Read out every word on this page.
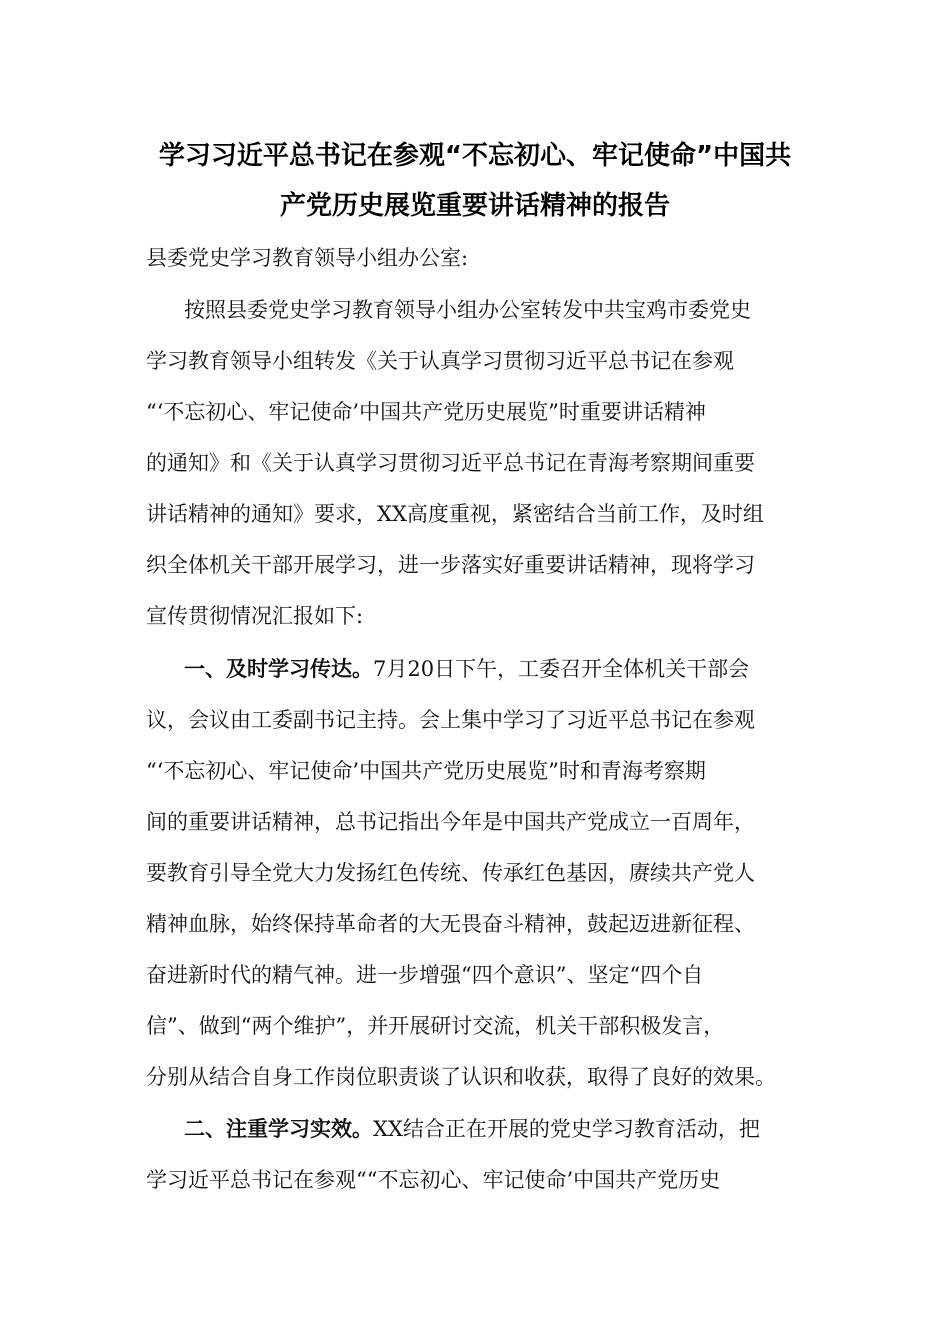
学习习近平总书记在参观“不忘初心、牢记使命”中国共
产党历史展览重要讲话精神的报告
县委党史学习教育领导小组办公室:
按照县委党史学习教育领导小组办公室转发中共宝鸡市委党史
学习教育领导小组转发《关于认真学习贯彻习近平总书记在参观
“‘不忘初心、牢记使命’中国共产党历史展览”时重要讲话精神
的通知》和《关于认真学习贯彻习近平总书记在青海考察期间重要
讲话精神的通知》要求，XX高度重视，紧密结合当前工作，及时组
织全体机关干部开展学习，进一步落实好重要讲话精神，现将学习
宣传贯彻情况汇报如下:
一、及时学习传达。7月20日下午，工委召开全体机关干部会
议，会议由工委副书记主持。会上集中学习了习近平总书记在参观
“‘不忘初心、牢记使命’中国共产党历史展览”时和青海考察期
间的重要讲话精神，总书记指出今年是中国共产党成立一百周年，
要教育引导全党大力发扬红色传统、传承红色基因，赓续共产党人
精神血脉，始终保持革命者的大无畏奋斗精神，鼓起迈进新征程、
奋进新时代的精气神。进一步增强“四个意识”、坚定“四个自
信”、做到“两个维护”，并开展研讨交流，机关干部积极发言，
分别从结合自身工作岗位职责谈了认识和收获，取得了良好的效果。
二、注重学习实效。XX结合正在开展的党史学习教育活动，把
学习近平总书记在参观““不忘初心、牢记使命’中国共产党历史
